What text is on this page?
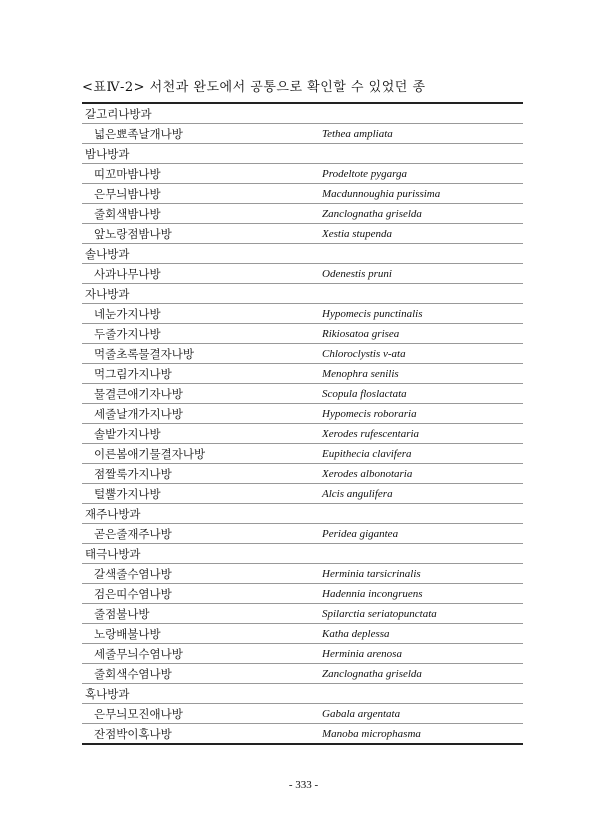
<표Ⅳ-2> 서천과 완도에서 공통으로 확인할 수 있었던 종
갈고리나방과
넓은뾰족날개나방	Tethea ampliata
밤나방과
띠꼬마밤나방	Prodeltote pygarga
은무늬밤나방	Macdunnoughia purissima
줄회색밤나방	Zanclognatha griselda
앞노랑점밤나방	Xestia stupenda
솔나방과
사과나무나방	Odenestis pruni
자나방과
네눈가지나방	Hypomecis punctinalis
두줄가지나방	Rikiosatoa grisea
먹줄초록물결자나방	Chloroclystis v-ata
먹그림가지나방	Menophra senilis
물결큰애기자나방	Scopula floslactata
세줄날개가지나방	Hypomecis roboraria
솔밭가지나방	Xerodes rufescentaria
이른봄애기물결자나방	Eupithecia clavifera
점짤룩가지나방	Xerodes albonotaria
털뿔가지나방	Alcis angulifera
재주나방과
곧은줄재주나방	Peridea gigantea
태극나방과
갈색줄수염나방	Herminia tarsicrinalis
검은띠수염나방	Hadennia incongruens
줄점불나방	Spilarctia seriatopunctata
노랑배불나방	Katha deplessa
세줄무늬수염나방	Herminia arenosa
줄회색수염나방	Zanclognatha griselda
혹나방과
은무늬모진애나방	Gabala argentata
잔점박이혹나방	Manoba microphasma
- 333 -
